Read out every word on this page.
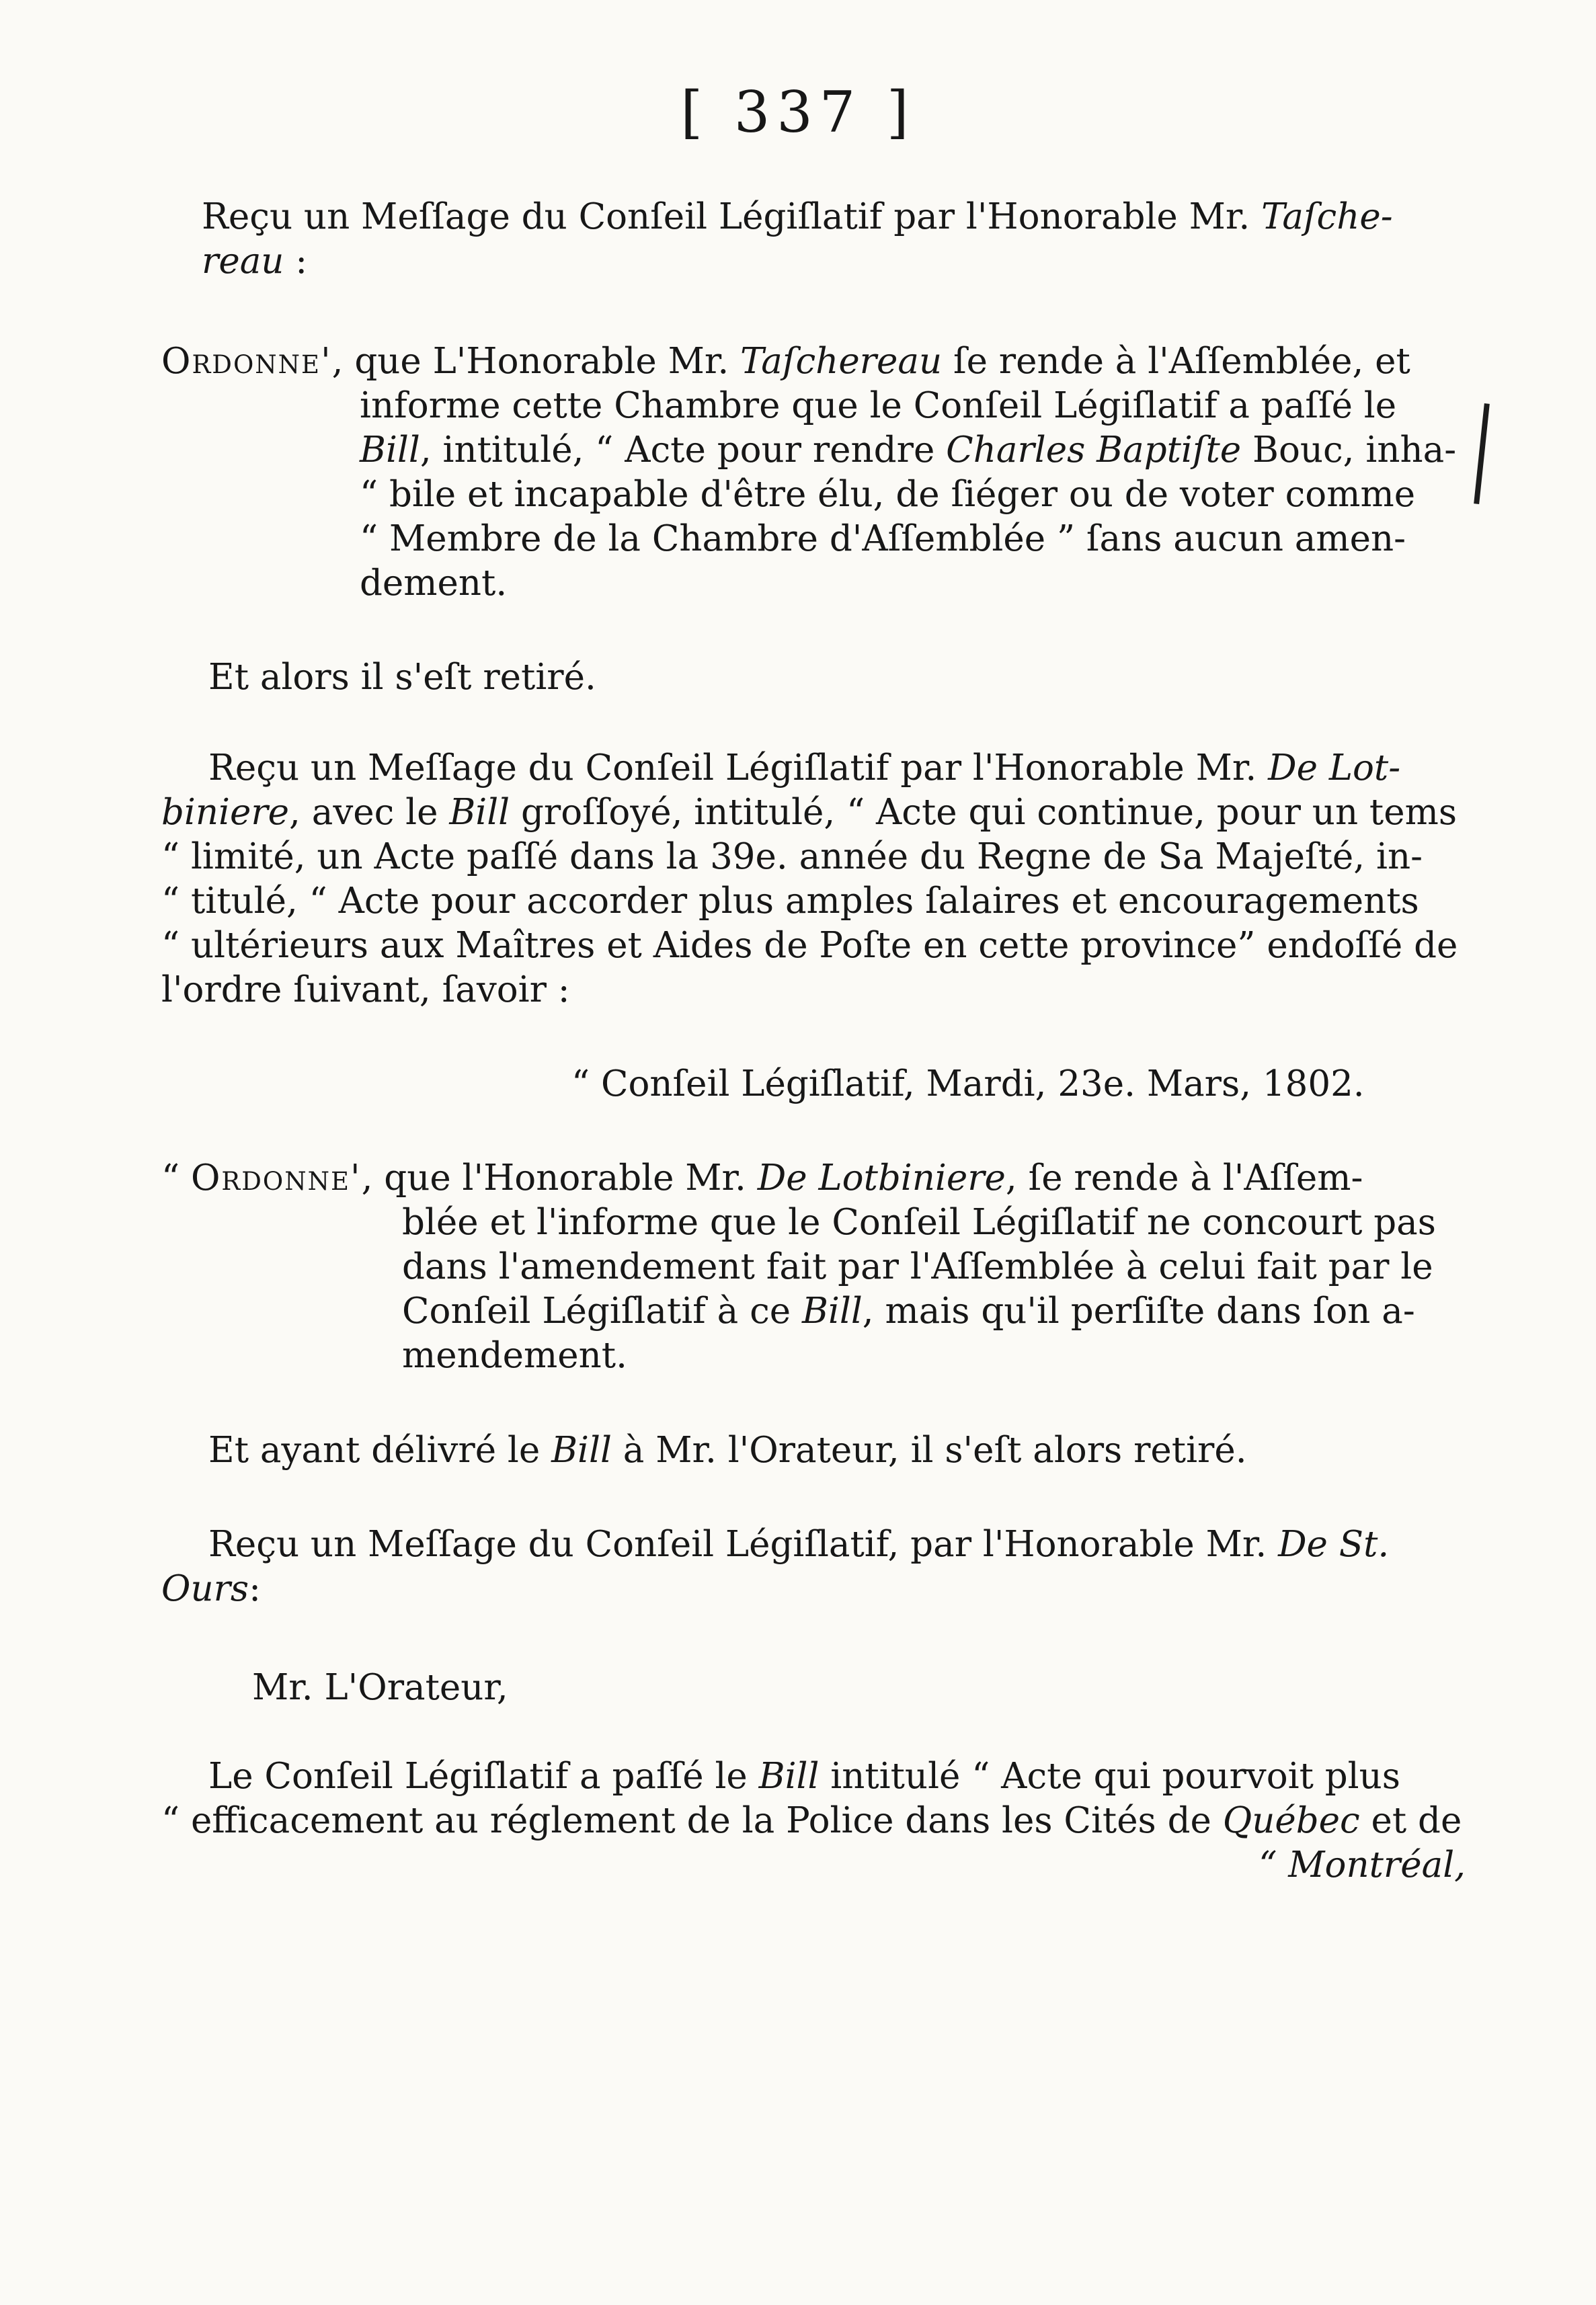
[ 337 ]

Reçu un Meſſage du Conſeil Légiſlatif par l'Honorable Mr. Taſche-
reau :

Ordonne', que L'Honorable Mr. Taſchereau ſe rende à l'Aſſemblée, et

informe cette Chambre que le Conſeil Légiſlatif a paſſé le
Bill, intitulé, “ Acte pour rendre Charles Baptiſte Bouc, inha-
“ bile et incapable d'être élu, de ſiéger ou de voter comme
“ Membre de la Chambre d'Aſſemblée ” ſans aucun amen-
dement.

Et alors il s'eſt retiré.

Reçu un Meſſage du Conſeil Légiſlatif par l'Honorable Mr. De Lot-
biniere, avec le Bill groſſoyé, intitulé, “ Acte qui continue, pour un tems
“ limité, un Acte paſſé dans la 39e. année du Regne de Sa Majeſté, in-
“ titulé, “ Acte pour accorder plus amples ſalaires et encouragements
“ ultérieurs aux Maîtres et Aides de Poſte en cette province” endoſſé de
l'ordre ſuivant, ſavoir :

“ Conſeil Légiſlatif, Mardi, 23e. Mars, 1802.

“ Ordonne', que l'Honorable Mr. De Lotbiniere, ſe rende à l'Aſſem-

blée et l'informe que le Conſeil Légiſlatif ne concourt pas
dans l'amendement fait par l'Aſſemblée à celui fait par le
Conſeil Légiſlatif à ce Bill, mais qu'il perſiſte dans ſon a-
mendement.

Et ayant délivré le Bill à Mr. l'Orateur, il s'eſt alors retiré.

Reçu un Meſſage du Conſeil Légiſlatif, par l'Honorable Mr. De St.
Ours:

Mr. L'Orateur,

Le Conſeil Légiſlatif a paſſé le Bill intitulé “ Acte qui pourvoit plus
“ efficacement au réglement de la Police dans les Cités de Québec et de
“ Montréal,
